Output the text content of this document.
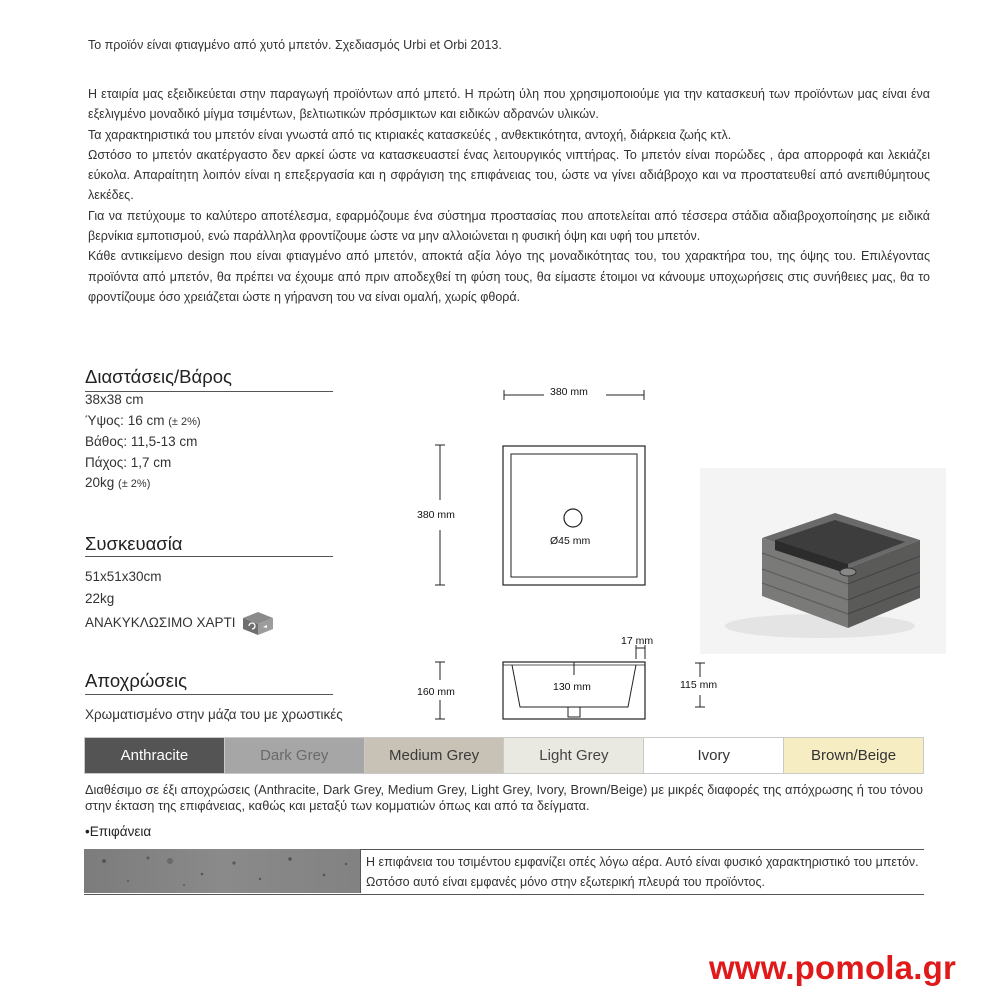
Το προϊόν είναι φτιαγμένο από χυτό μπετόν. Σχεδιασμός Urbi et Orbi 2013.

Η εταιρία μας εξειδικεύεται στην παραγωγή προϊόντων από μπετό. Η πρώτη ύλη που χρησιμοποιούμε για την κατασκευή των προϊόντων μας είναι ένα εξελιγμένο μοναδικό μίγμα τσιμέντων, βελτιωτικών πρόσμικτων και ειδικών αδρανών υλικών.

Τα χαρακτηριστικά του μπετόν είναι γνωστά από τις κτιριακές κατασκεύές , ανθεκτικότητα, αντοχή, διάρκεια ζωής κτλ.

Ωστόσο το μπετόν ακατέργαστο δεν αρκεί ώστε να κατασκευαστεί ένας λειτουργικός νιπτήρας. Το μπετόν είναι πορώδες , άρα απορροφά και λεκιάζει εύκολα. Απαραίτητη λοιπόν είναι η επεξεργασία και η σφράγιση της επιφάνειας του, ώστε να γίνει αδιάβροχο και να προστατευθεί από ανεπιθύμητους λεκέδες.

Για να πετύχουμε το καλύτερο αποτέλεσμα, εφαρμόζουμε ένα σύστημα προστασίας που αποτελείται από τέσσερα στάδια αδιαβροχοποίησης με ειδικά βερνίκια εμποτισμού, ενώ παράλληλα φροντίζουμε ώστε να μην αλλοιώνεται η φυσική όψη και υφή του μπετόν.

Κάθε αντικείμενο design που είναι φτιαγμένο από μπετόν, αποκτά αξία λόγο της μοναδικότητας του, του χαρακτήρα του, της όψης του. Επιλέγοντας προϊόντα από μπετόν, θα πρέπει να έχουμε από πριν αποδεχθεί τη φύση τους, θα είμαστε έτοιμοι να κάνουμε υποχωρήσεις στις συνήθειες μας, θα το φροντίζουμε όσο χρειάζεται ώστε η γήρανση του να είναι ομαλή, χωρίς φθορά.

Διαστάσεις/Βάρος
38x38 cm
Ύψος: 16 cm (± 2%)
Βάθος: 11,5-13 cm
Πάχος: 1,7 cm
20kg (± 2%)
Συσκευασία
51x51x30cm
22kg
ΑΝΑΚΥΚΛΩΣΙΜΟ ΧΑΡΤΙ
Αποχρώσεις
Χρωματισμένο στην μάζα του με χρωστικές
380 mm
380 mm
Ø45 mm
17 mm
160 mm	130 mm	115 mm
Anthracite	Dark Grey	Medium Grey	Light Grey	Ivory	Brown/Beige
Διαθέσιμο σε έξι αποχρώσεις (Anthracite, Dark Grey, Medium Grey, Light Grey, Ivory, Brown/Beige) με μικρές διαφορές της απόχρωσης ή του τόνου στην έκταση της επιφάνειας, καθώς και μεταξύ των κομματιών όπως και από τα δείγματα.
•Επιφάνεια
Η επιφάνεια του τσιμέντου εμφανίζει οπές λόγω αέρα. Αυτό είναι φυσικό χαρακτηριστικό του μπετόν. Ωστόσο αυτό είναι εμφανές μόνο στην εξωτερική πλευρά του προϊόντος.
www.pomola.gr
